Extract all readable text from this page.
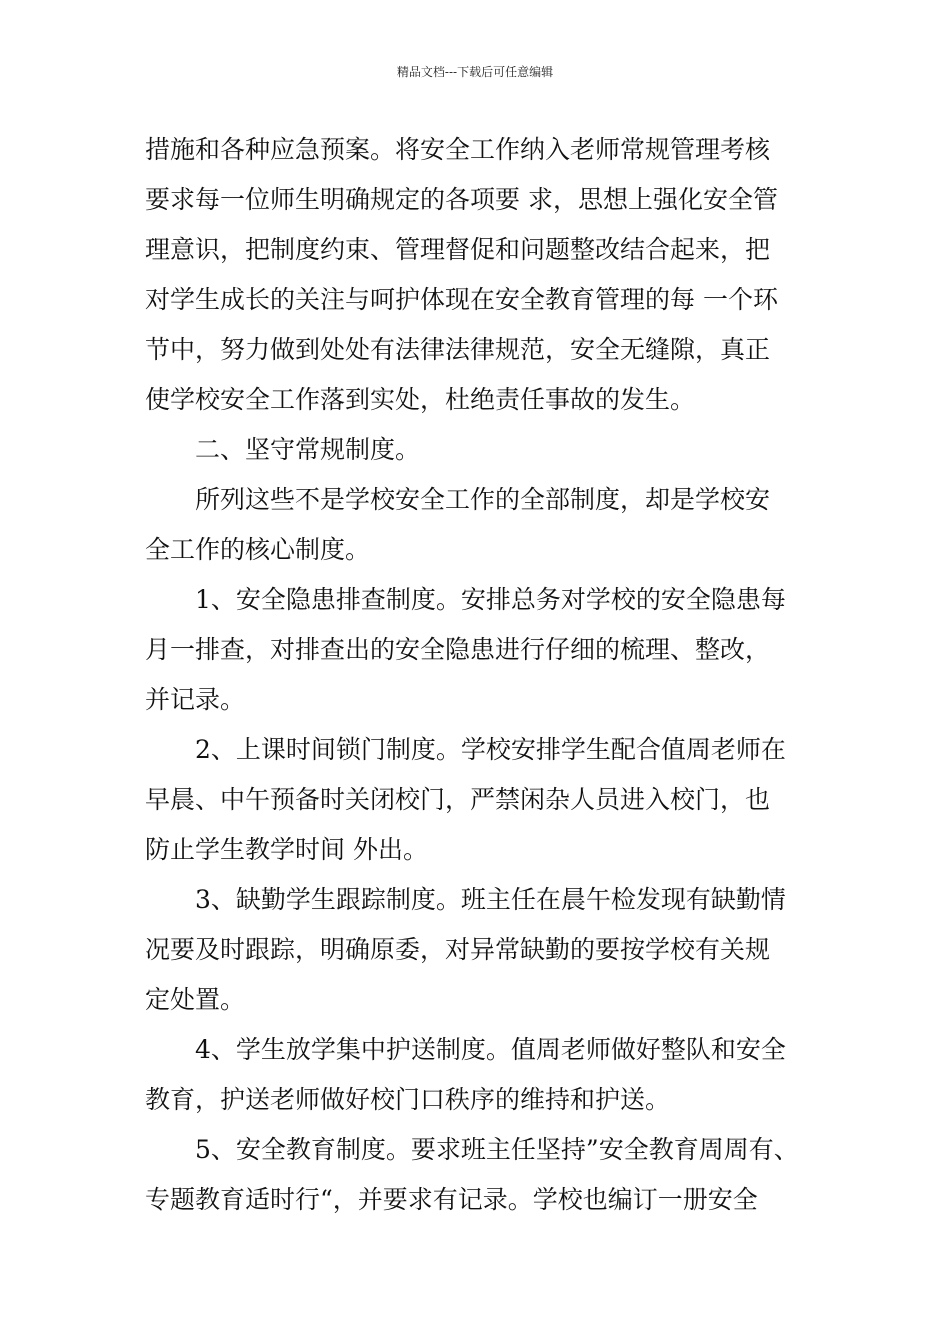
精品文档---下载后可任意编辑
措施和各种应急预案。将安全工作纳入老师常规管理考核
要求每一位师生明确规定的各项要 求，思想上强化安全管
理意识，把制度约束、管理督促和问题整改结合起来，把
对学生成长的关注与呵护体现在安全教育管理的每 一个环
节中，努力做到处处有法律法律规范，安全无缝隙，真正
使学校安全工作落到实处，杜绝责任事故的发生。
二、坚守常规制度。
所列这些不是学校安全工作的全部制度，却是学校安
全工作的核心制度。
1、安全隐患排查制度。安排总务对学校的安全隐患每
月一排查，对排查出的安全隐患进行仔细的梳理、整改，
并记录。
2、上课时间锁门制度。学校安排学生配合值周老师在
早晨、中午预备时关闭校门，严禁闲杂人员进入校门，也
防止学生教学时间 外出。
3、缺勤学生跟踪制度。班主任在晨午检发现有缺勤情
况要及时跟踪，明确原委，对异常缺勤的要按学校有关规
定处置。
4、学生放学集中护送制度。值周老师做好整队和安全
教育，护送老师做好校门口秩序的维持和护送。
5、安全教育制度。要求班主任坚持”安全教育周周有、
专题教育适时行“，并要求有记录。学校也编订一册安全
